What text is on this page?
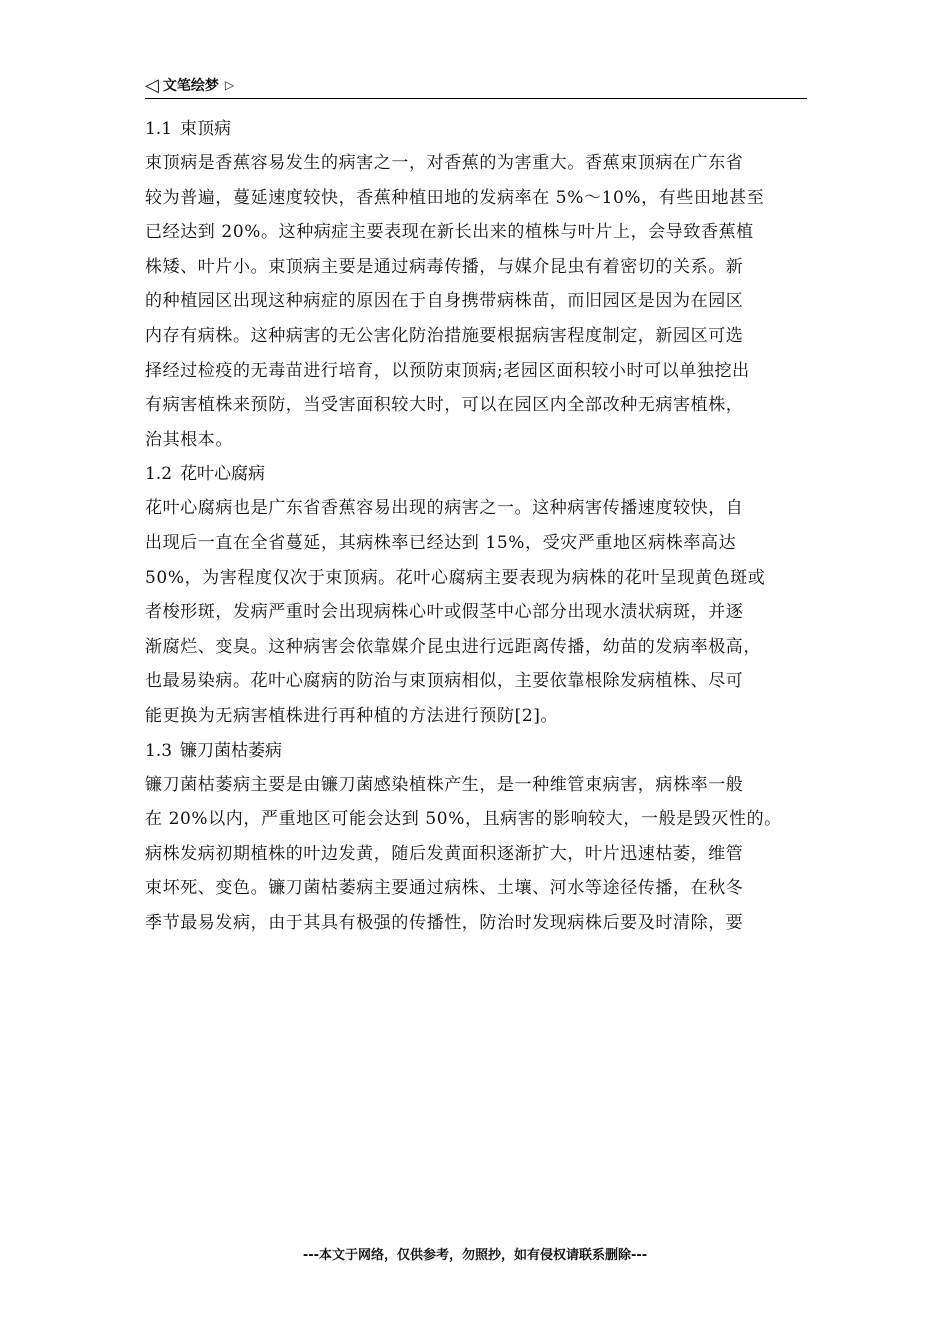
◁ 文笔绘梦 ▷
1.1 束顶病
束顶病是香蕉容易发生的病害之一，对香蕉的为害重大。香蕉束顶病在广东省
较为普遍，蔓延速度较快，香蕉种植田地的发病率在 5%～10%，有些田地甚至
已经达到 20%。这种病症主要表现在新长出来的植株与叶片上，会导致香蕉植
株矮、叶片小。束顶病主要是通过病毒传播，与媒介昆虫有着密切的关系。新
的种植园区出现这种病症的原因在于自身携带病株苗，而旧园区是因为在园区
内存有病株。这种病害的无公害化防治措施要根据病害程度制定，新园区可选
择经过检疫的无毒苗进行培育，以预防束顶病;老园区面积较小时可以单独挖出
有病害植株来预防，当受害面积较大时，可以在园区内全部改种无病害植株，
治其根本。
1.2 花叶心腐病
花叶心腐病也是广东省香蕉容易出现的病害之一。这种病害传播速度较快，自
出现后一直在全省蔓延，其病株率已经达到 15%，受灾严重地区病株率高达
50%，为害程度仅次于束顶病。花叶心腐病主要表现为病株的花叶呈现黄色斑或
者梭形斑，发病严重时会出现病株心叶或假茎中心部分出现水渍状病斑，并逐
渐腐烂、变臭。这种病害会依靠媒介昆虫进行远距离传播，幼苗的发病率极高，
也最易染病。花叶心腐病的防治与束顶病相似，主要依靠根除发病植株、尽可
能更换为无病害植株进行再种植的方法进行预防[2]。
1.3 镰刀菌枯萎病
镰刀菌枯萎病主要是由镰刀菌感染植株产生，是一种维管束病害，病株率一般
在 20%以内，严重地区可能会达到 50%，且病害的影响较大，一般是毁灭性的。
病株发病初期植株的叶边发黄，随后发黄面积逐渐扩大，叶片迅速枯萎，维管
束坏死、变色。镰刀菌枯萎病主要通过病株、土壤、河水等途径传播，在秋冬
季节最易发病，由于其具有极强的传播性，防治时发现病株后要及时清除，要
---本文于网络，仅供参考，勿照抄，如有侵权请联系删除---
